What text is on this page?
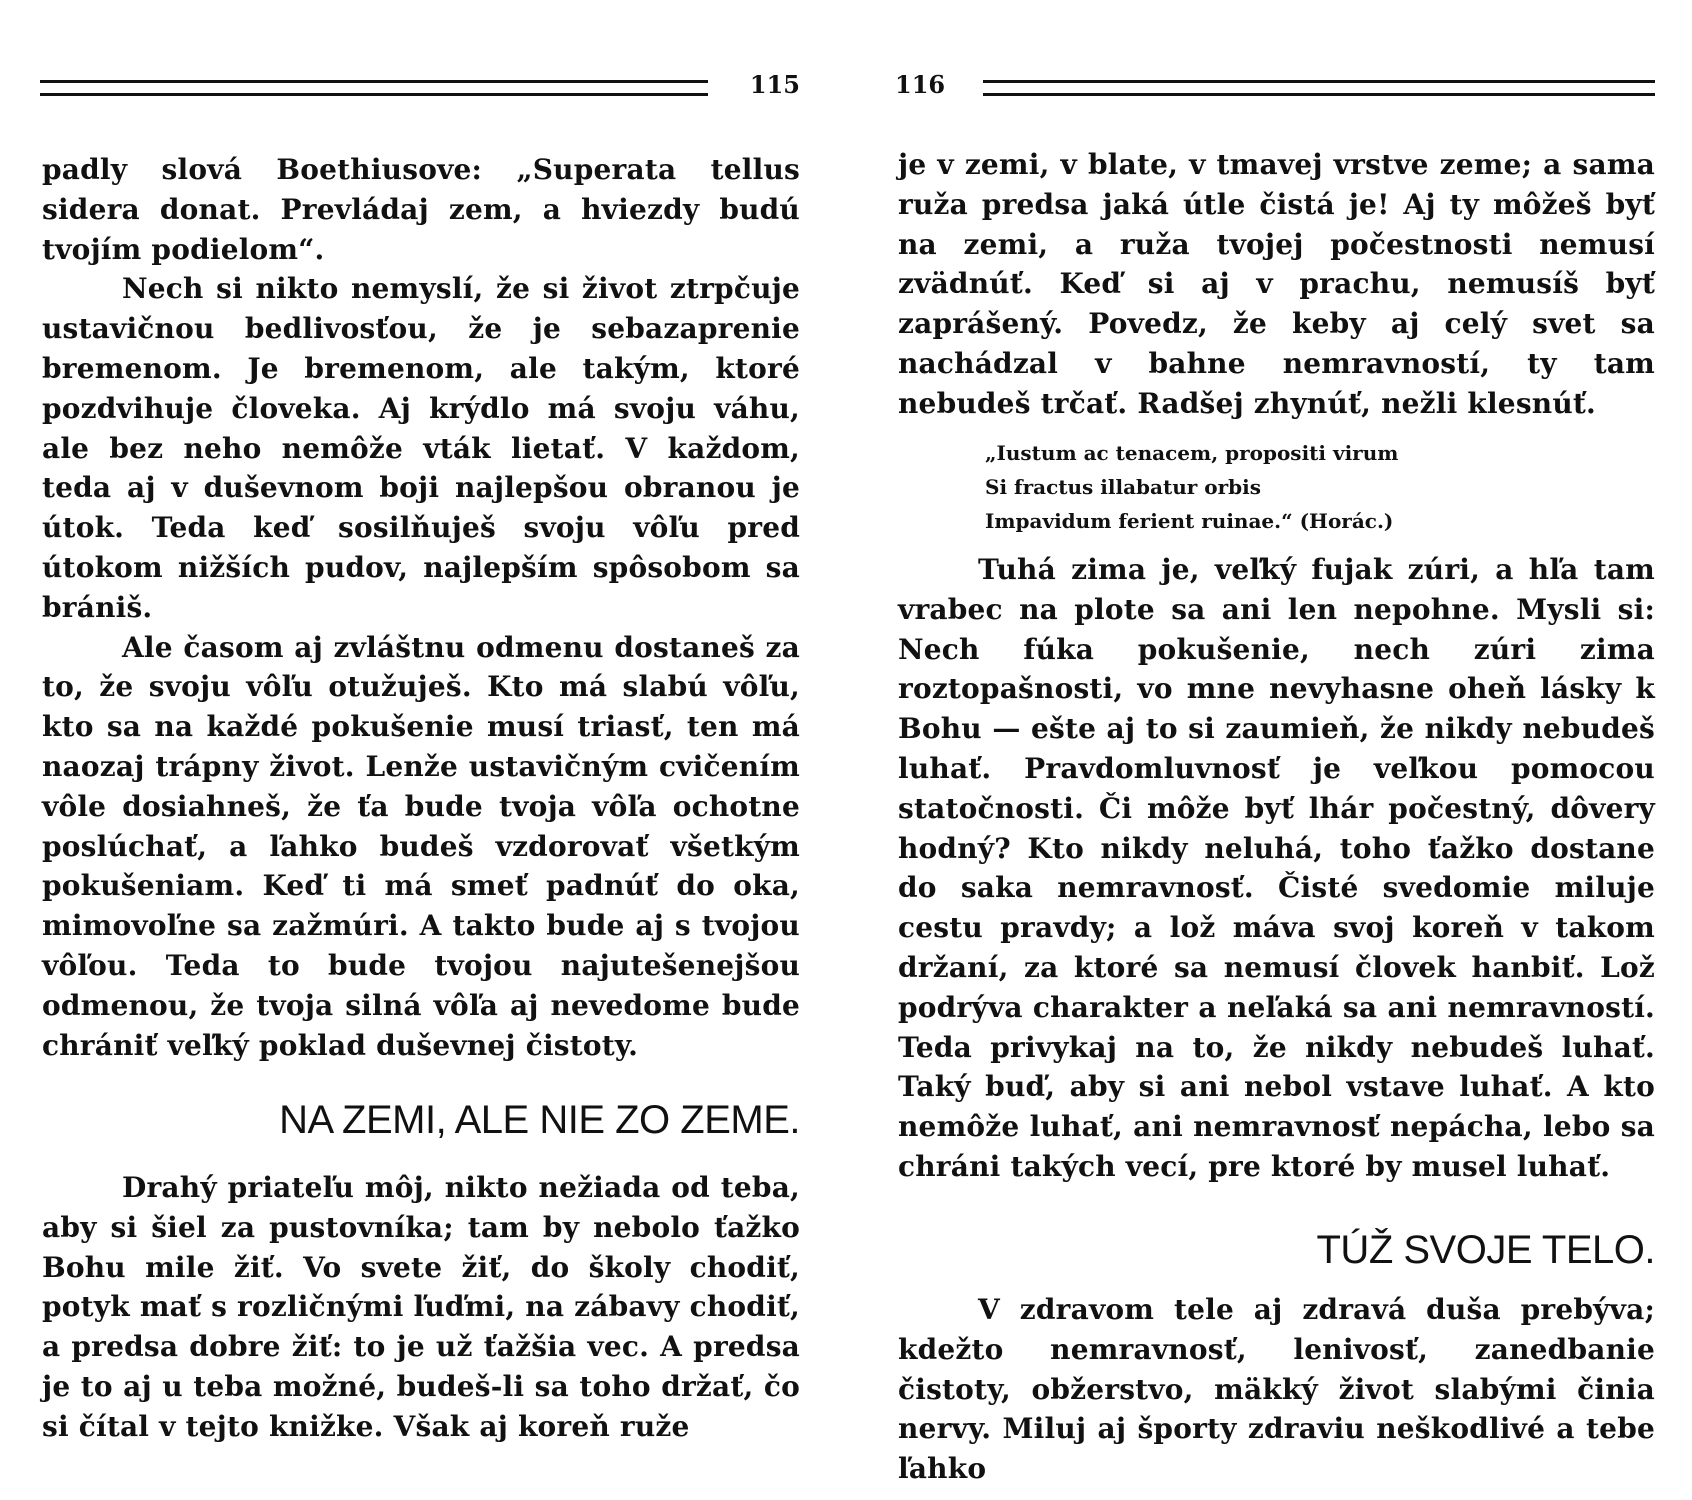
115	116

padly slová Boethiusove: „Superata tellus sidera donat. Prevládaj zem, a hviezdy budú tvojím podielom“.

Nech si nikto nemyslí, že si život ztrpčuje ustavičnou bedlivosťou, že je sebazaprenie bremenom. Je bremenom, ale takým, ktoré pozdvihuje človeka. Aj krýdlo má svoju váhu, ale bez neho nemôže vták lietať. V každom, teda aj v duševnom boji najlepšou obranou je útok. Teda keď sosilňuješ svoju vôľu pred útokom nižších pudov, najlepším spôsobom sa brániš.

Ale časom aj zvláštnu odmenu dostaneš za to, že svoju vôľu otužuješ. Kto má slabú vôľu, kto sa na každé pokušenie musí triasť, ten má naozaj trápny život. Lenže ustavičným cvičením vôle dosiahneš, že ťa bude tvoja vôľa ochotne poslúchať, a ľahko budeš vzdorovať všetkým pokušeniam. Keď ti má smeť padnúť do oka, mimovoľne sa zažmúri. A takto bude aj s tvojou vôľou. Teda to bude tvojou najutešenejšou odmenou, že tvoja silná vôľa aj nevedome bude chrániť veľký poklad duševnej čistoty.

NA ZEMI, ALE NIE ZO ZEME.

Drahý priateľu môj, nikto nežiada od teba, aby si šiel za pustovníka; tam by nebolo ťažko Bohu mile žiť. Vo svete žiť, do školy chodiť, potyk mať s rozličnými ľuďmi, na zábavy chodiť, a predsa dobre žiť: to je už ťažšia vec. A predsa je to aj u teba možné, budeš-li sa toho držať, čo si čítal v tejto knižke. Však aj koreň ruže

je v zemi, v blate, v tmavej vrstve zeme; a sama ruža predsa jaká útle čistá je! Aj ty môžeš byť na zemi, a ruža tvojej počestnosti nemusí zvädnúť. Keď si aj v prachu, nemusíš byť zaprášený. Povedz, že keby aj celý svet sa nachádzal v bahne nemravností, ty tam nebudeš trčať. Radšej zhynúť, nežli klesnúť.

„Iustum ac tenacem, propositi virum
Si fractus illabatur orbis
Impavidum ferient ruinae.“ (Horác.)

Tuhá zima je, veľký fujak zúri, a hľa tam vrabec na plote sa ani len nepohne. Mysli si: Nech fúka pokušenie, nech zúri zima roztopašnosti, vo mne nevyhasne oheň lásky k Bohu — ešte aj to si zaumieň, že nikdy nebudeš luhať. Pravdomluvnosť je veľkou pomocou statočnosti. Či môže byť lhár počestný, dôvery hodný? Kto nikdy neluhá, toho ťažko dostane do saka nemravnosť. Čisté svedomie miluje cestu pravdy; a lož máva svoj koreň v takom držaní, za ktoré sa nemusí človek hanbiť. Lož podrýva charakter a neľaká sa ani nemravností. Teda privykaj na to, že nikdy nebudeš luhať. Taký buď, aby si ani nebol vstave luhať. A kto nemôže luhať, ani nemravnosť nepácha, lebo sa chráni takých vecí, pre ktoré by musel luhať.

TÚŽ SVOJE TELO.

V zdravom tele aj zdravá duša prebýva; kdežto nemravnosť, lenivosť, zanedbanie čistoty, obžerstvo, mäkký život slabými činia nervy. Miluj aj športy zdraviu neškodlivé a tebe ľahko
